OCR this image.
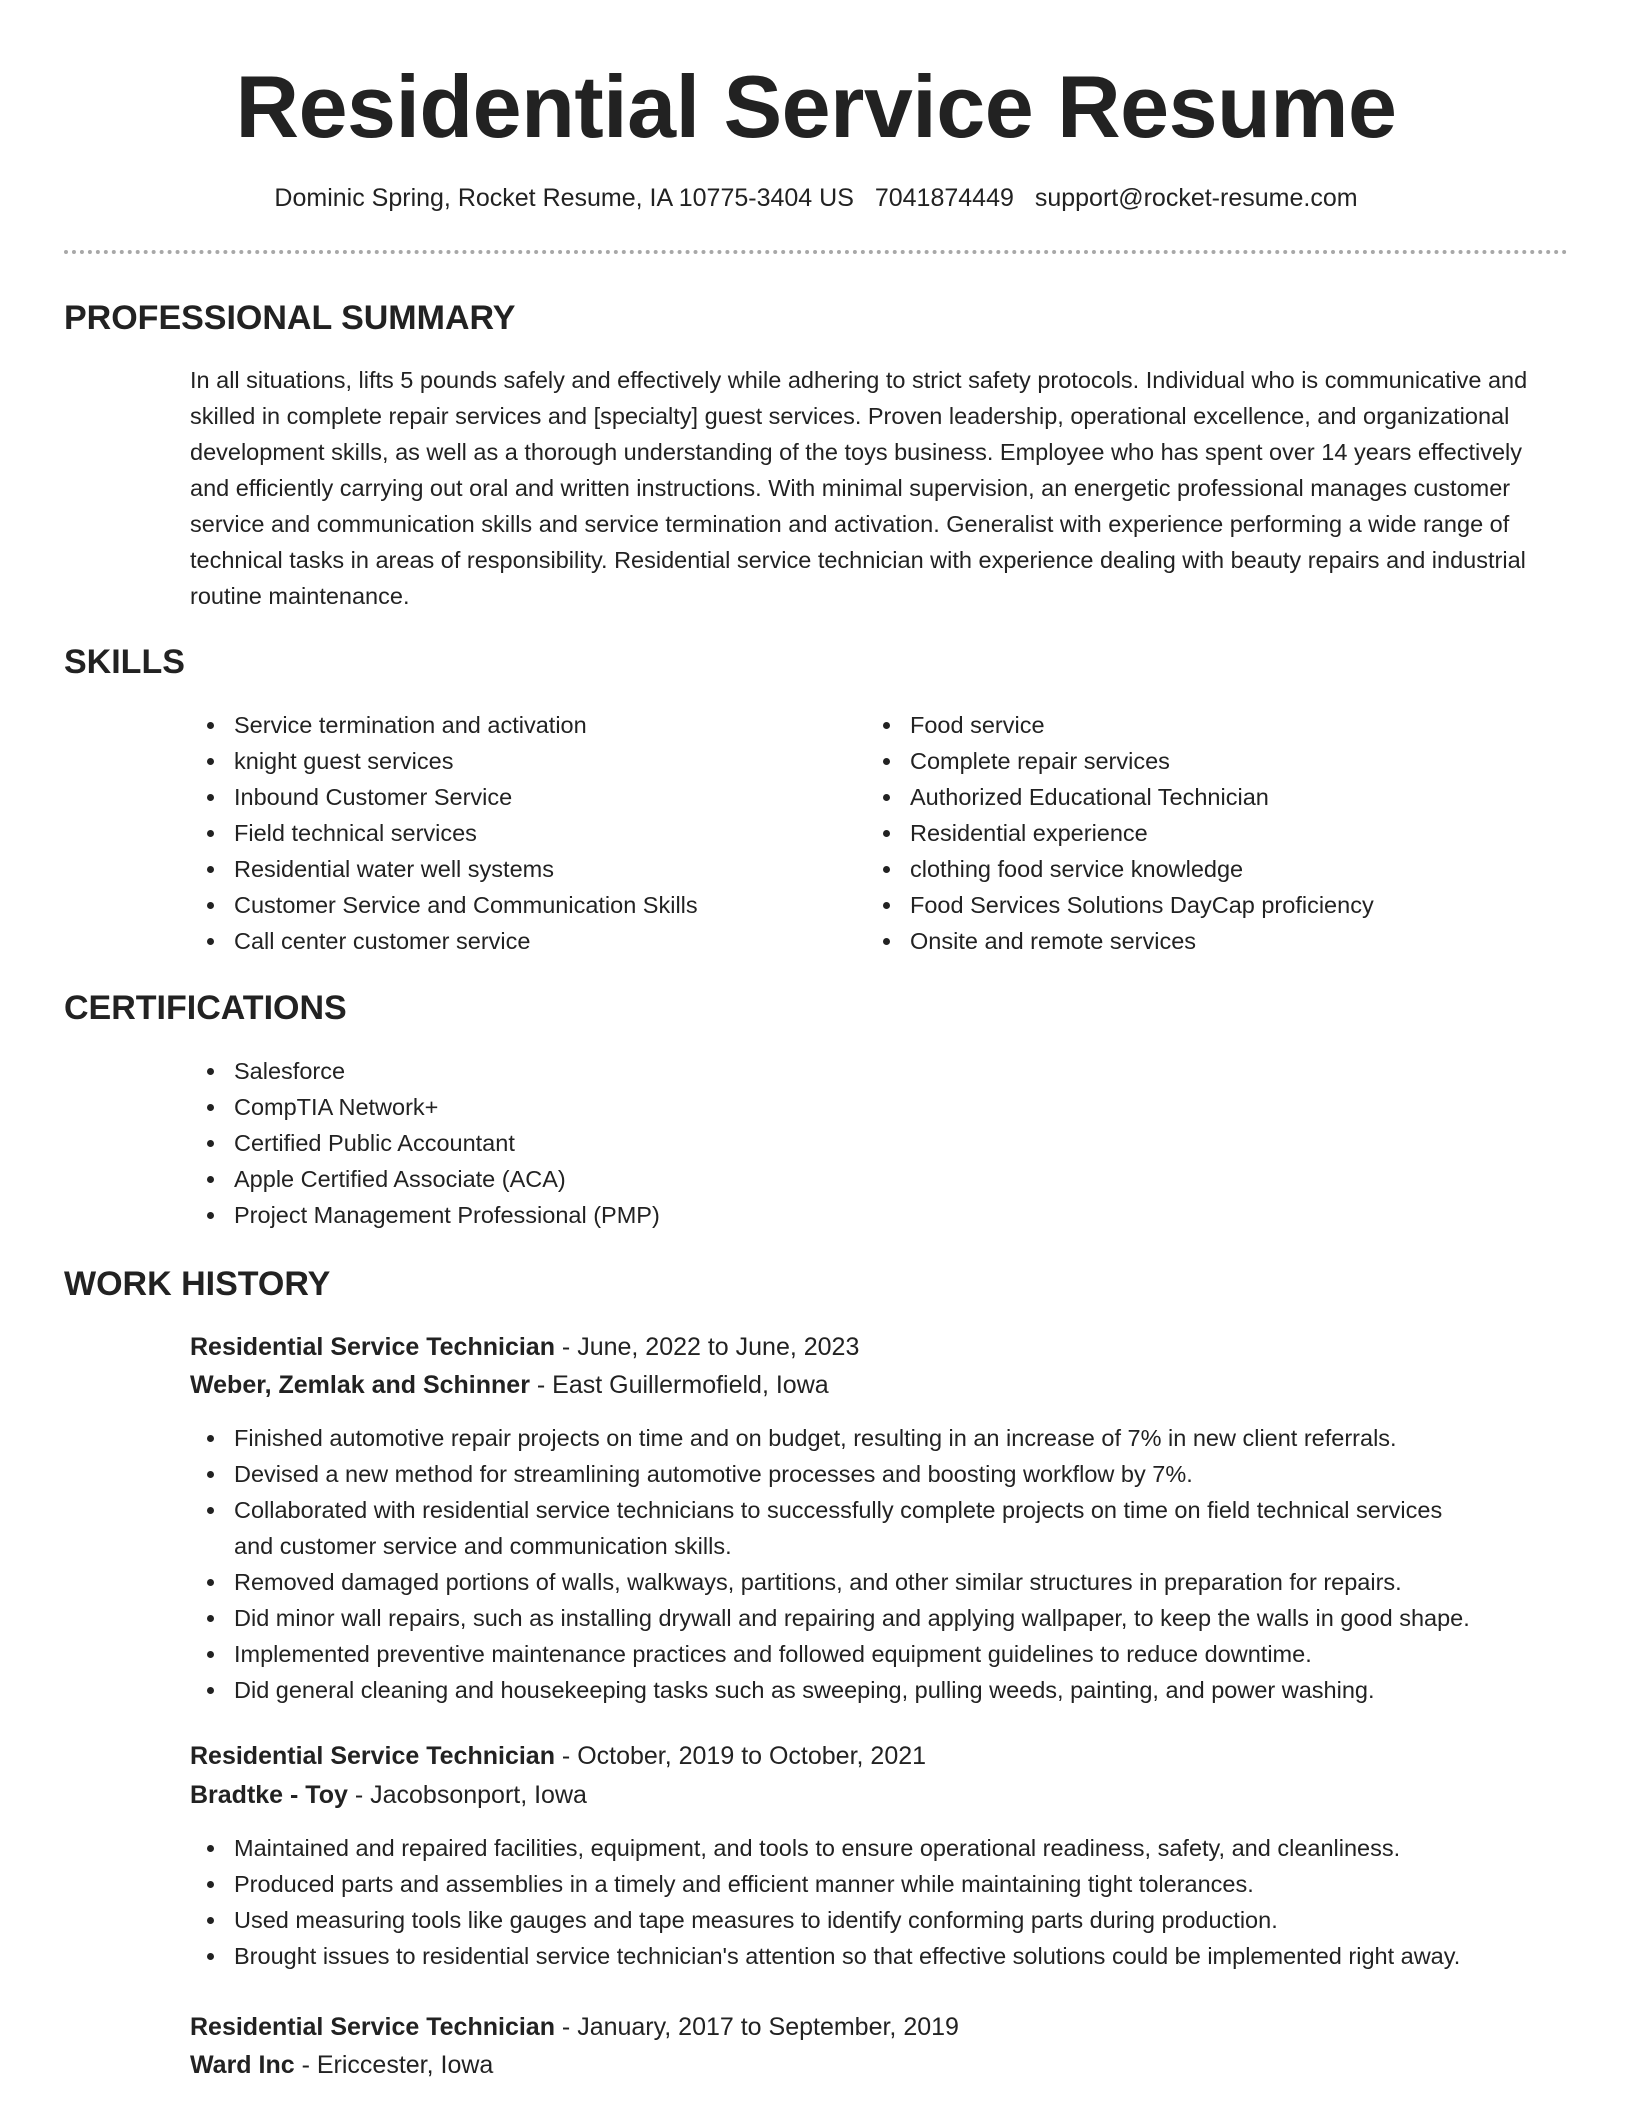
Residential Service Resume
Dominic Spring, Rocket Resume, IA 10775-3404 US 7041874449 support@rocket-resume.com
PROFESSIONAL SUMMARY

In all situations, lifts 5 pounds safely and effectively while adhering to strict safety protocols. Individual who is communicative and skilled in complete repair services and [specialty] guest services. Proven leadership, operational excellence, and organizational development skills, as well as a thorough understanding of the toys business. Employee who has spent over 14 years effectively and efficiently carrying out oral and written instructions. With minimal supervision, an energetic professional manages customer service and communication skills and service termination and activation. Generalist with experience performing a wide range of technical tasks in areas of responsibility. Residential service technician with experience dealing with beauty repairs and industrial routine maintenance.

SKILLS
Service termination and activation
knight guest services
Inbound Customer Service
Field technical services
Residential water well systems
Customer Service and Communication Skills
Call center customer service
Food service
Complete repair services
Authorized Educational Technician
Residential experience
clothing food service knowledge
Food Services Solutions DayCap proficiency
Onsite and remote services
CERTIFICATIONS
Salesforce
CompTIA Network+
Certified Public Accountant
Apple Certified Associate (ACA)
Project Management Professional (PMP)
WORK HISTORY
Residential Service Technician - June, 2022 to June, 2023
Weber, Zemlak and Schinner - East Guillermofield, Iowa
Finished automotive repair projects on time and on budget, resulting in an increase of 7% in new client referrals.
Devised a new method for streamlining automotive processes and boosting workflow by 7%.
Collaborated with residential service technicians to successfully complete projects on time on field technical services
and customer service and communication skills.
Removed damaged portions of walls, walkways, partitions, and other similar structures in preparation for repairs.
Did minor wall repairs, such as installing drywall and repairing and applying wallpaper, to keep the walls in good shape.
Implemented preventive maintenance practices and followed equipment guidelines to reduce downtime.
Did general cleaning and housekeeping tasks such as sweeping, pulling weeds, painting, and power washing.
Residential Service Technician - October, 2019 to October, 2021
Bradtke - Toy - Jacobsonport, Iowa
Maintained and repaired facilities, equipment, and tools to ensure operational readiness, safety, and cleanliness.
Produced parts and assemblies in a timely and efficient manner while maintaining tight tolerances.
Used measuring tools like gauges and tape measures to identify conforming parts during production.
Brought issues to residential service technician's attention so that effective solutions could be implemented right away.
Residential Service Technician - January, 2017 to September, 2019
Ward Inc - Ericcester, Iowa
